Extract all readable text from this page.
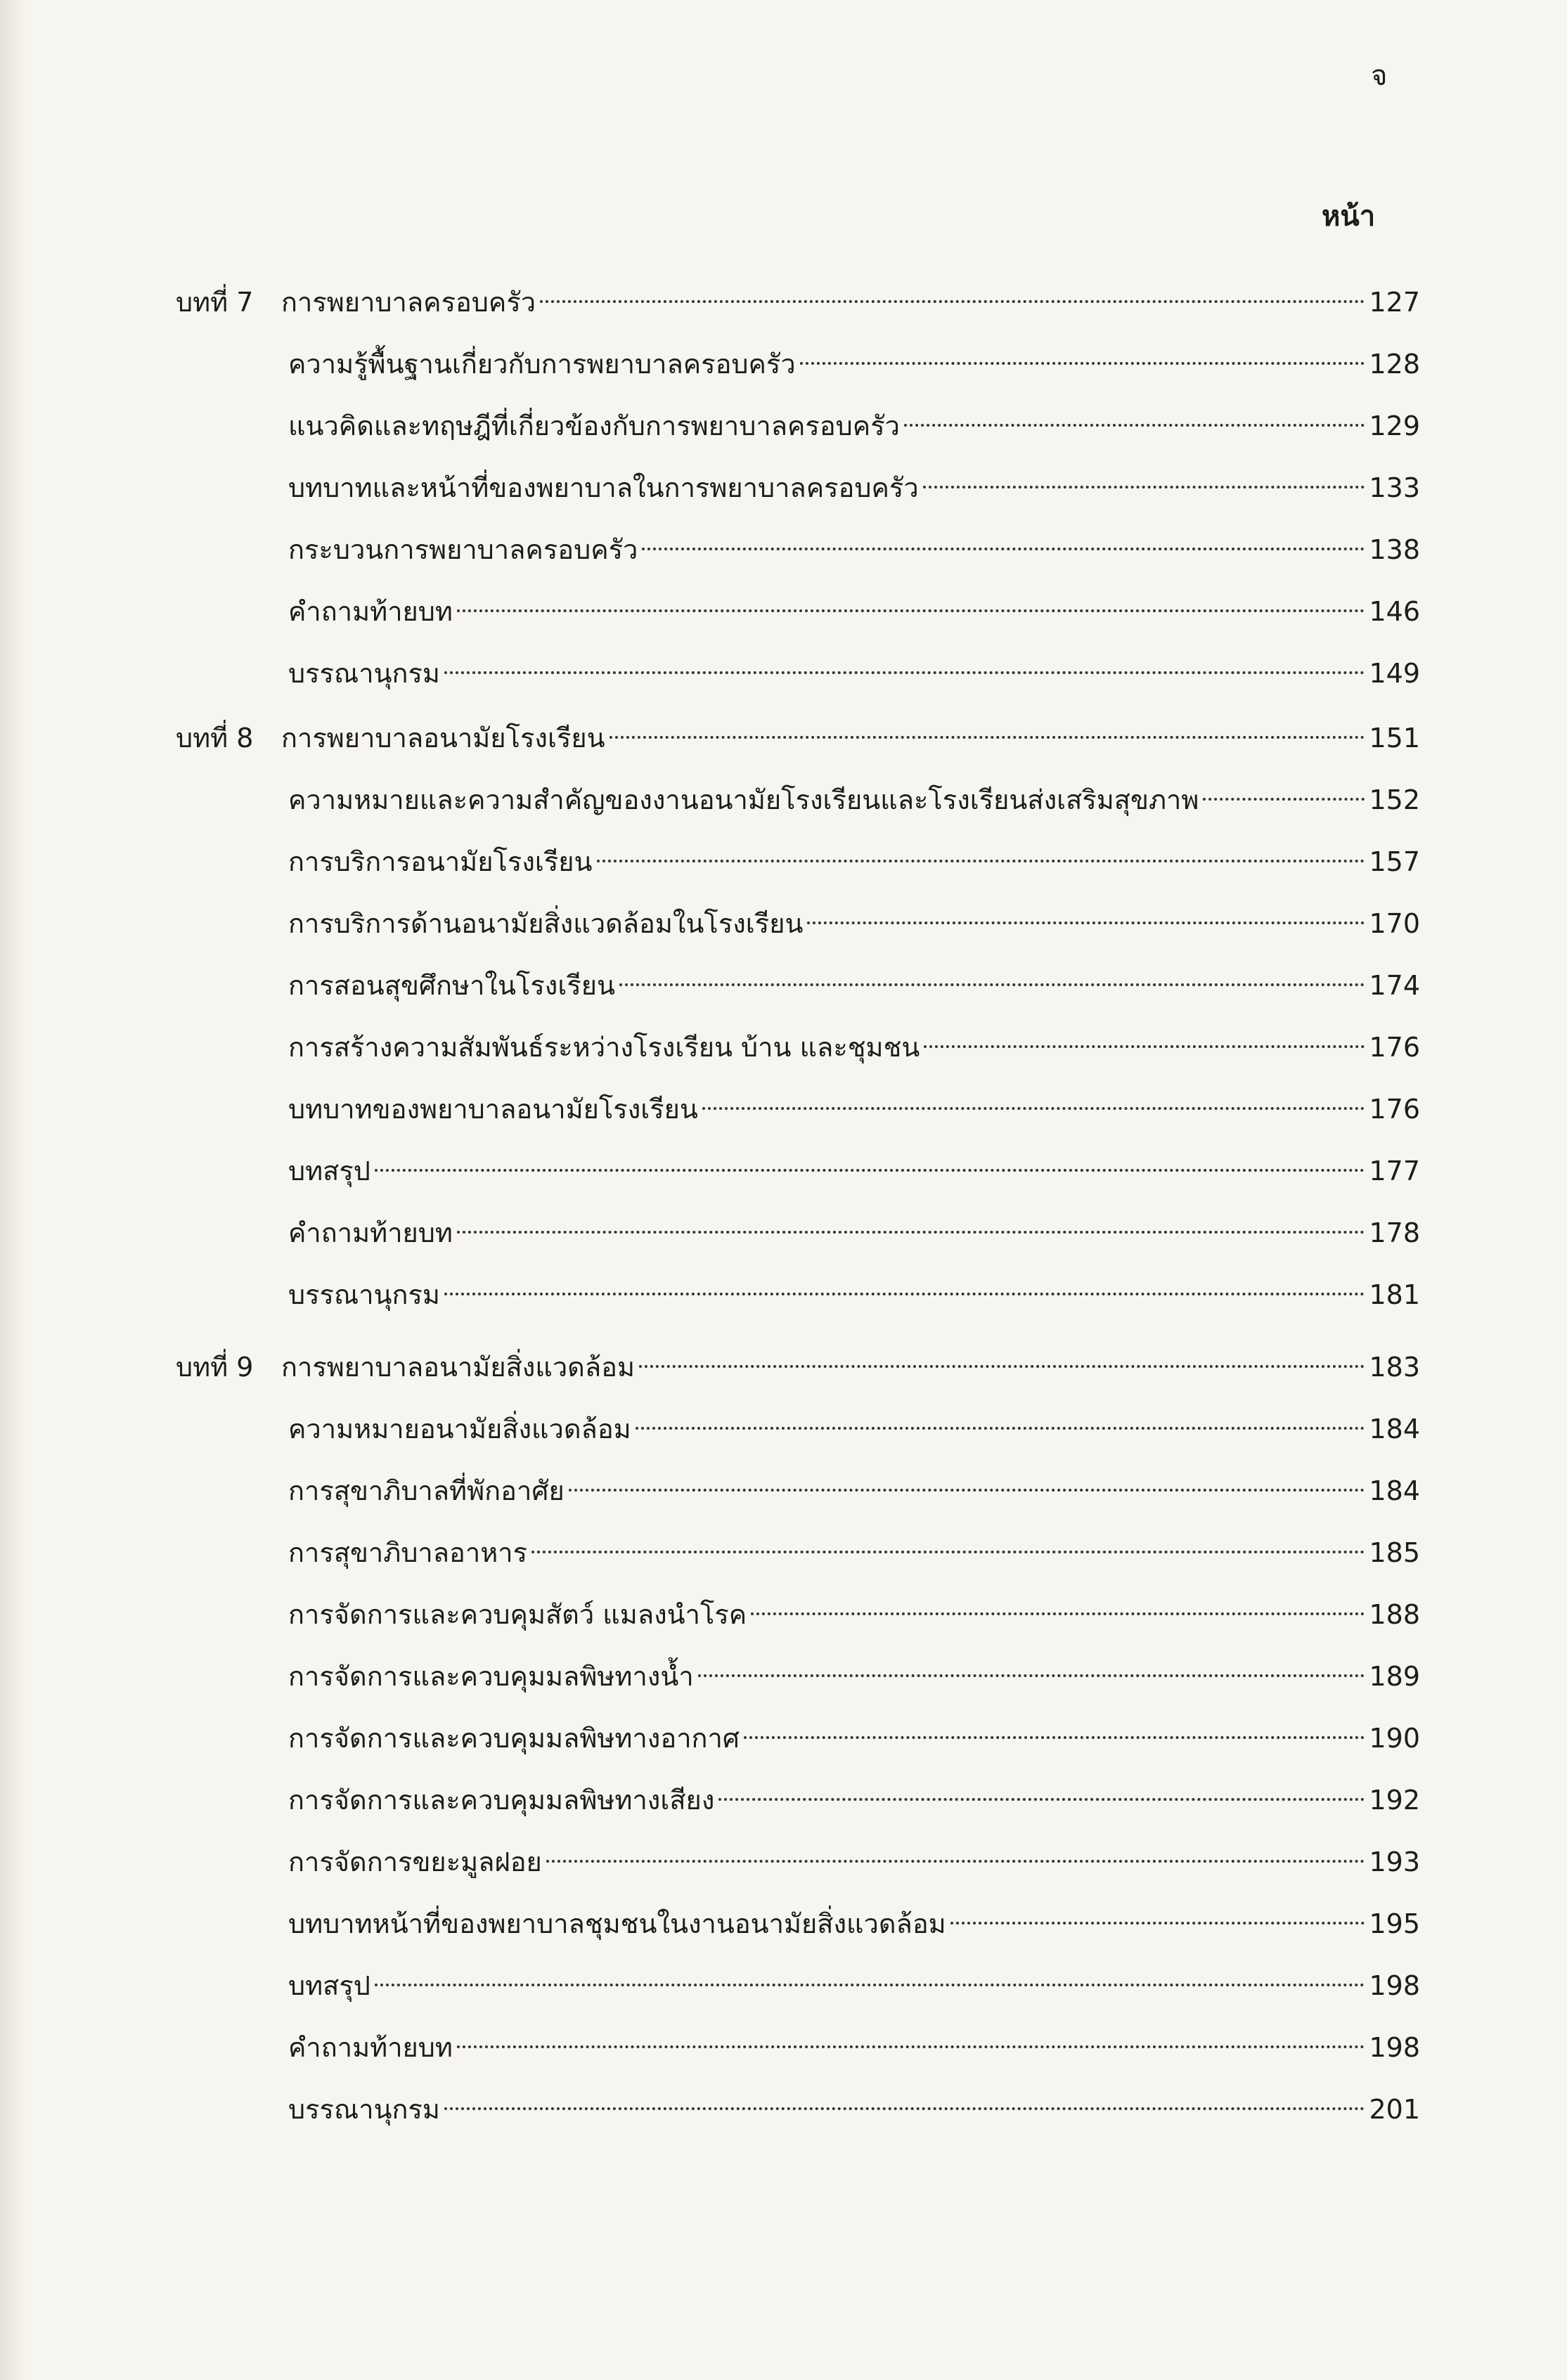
จ
หน้า
บทที่ 7	การพยาบาลครอบครัว	127
ความรู้พื้นฐานเกี่ยวกับการพยาบาลครอบครัว	128
แนวคิดและทฤษฎีที่เกี่ยวข้องกับการพยาบาลครอบครัว	129
บทบาทและหน้าที่ของพยาบาลในการพยาบาลครอบครัว	133
กระบวนการพยาบาลครอบครัว	138
คำถามท้ายบท	146
บรรณานุกรม	149
บทที่ 8	การพยาบาลอนามัยโรงเรียน	151
ความหมายและความสำคัญของงานอนามัยโรงเรียนและโรงเรียนส่งเสริมสุขภาพ	152
การบริการอนามัยโรงเรียน	157
การบริการด้านอนามัยสิ่งแวดล้อมในโรงเรียน	170
การสอนสุขศึกษาในโรงเรียน	174
การสร้างความสัมพันธ์ระหว่างโรงเรียน บ้าน และชุมชน	176
บทบาทของพยาบาลอนามัยโรงเรียน	176
บทสรุป	177
คำถามท้ายบท	178
บรรณานุกรม	181
บทที่ 9	การพยาบาลอนามัยสิ่งแวดล้อม	183
ความหมายอนามัยสิ่งแวดล้อม	184
การสุขาภิบาลที่พักอาศัย	184
การสุขาภิบาลอาหาร	185
การจัดการและควบคุมสัตว์ แมลงนำโรค	188
การจัดการและควบคุมมลพิษทางน้ำ	189
การจัดการและควบคุมมลพิษทางอากาศ	190
การจัดการและควบคุมมลพิษทางเสียง	192
การจัดการขยะมูลฝอย	193
บทบาทหน้าที่ของพยาบาลชุมชนในงานอนามัยสิ่งแวดล้อม	195
บทสรุป	198
คำถามท้ายบท	198
บรรณานุกรม	201
